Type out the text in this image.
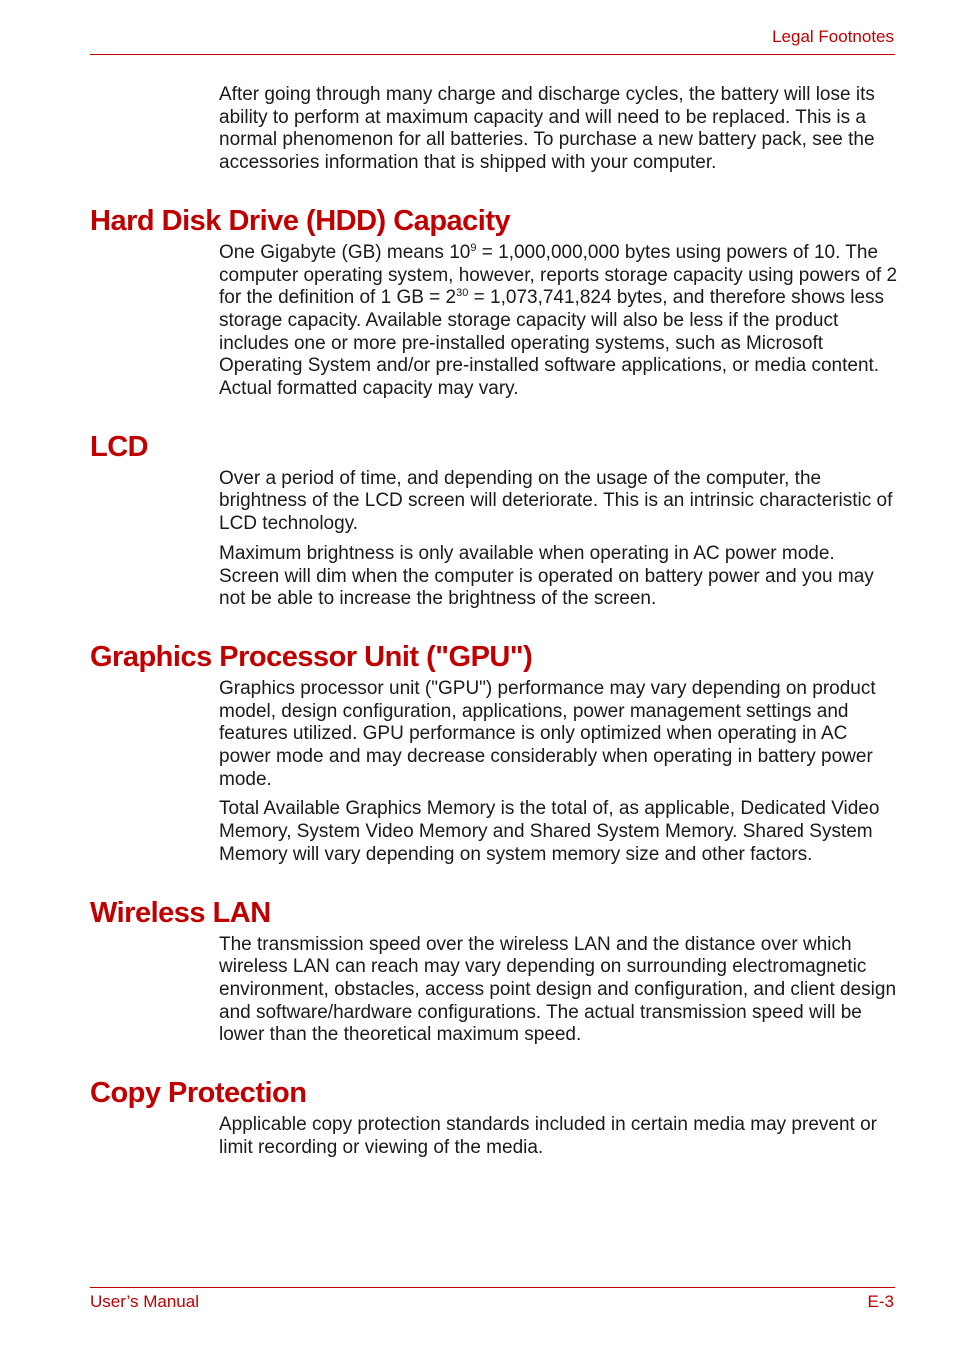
Legal Footnotes

After going through many charge and discharge cycles, the battery will lose its ability to perform at maximum capacity and will need to be replaced. This is a normal phenomenon for all batteries. To purchase a new battery pack, see the accessories information that is shipped with your computer.

Hard Disk Drive (HDD) Capacity

One Gigabyte (GB) means $10^9 = 1,000,000,000$ bytes using powers of 10. The computer operating system, however, reports storage capacity using powers of 2 for the definition of 1 GB = $2^{30} = 1,073,741,824$ bytes, and therefore shows less storage capacity. Available storage capacity will also be less if the product includes one or more pre-installed operating systems, such as Microsoft Operating System and/or pre-installed software applications, or media content. Actual formatted capacity may vary.

LCD

Over a period of time, and depending on the usage of the computer, the brightness of the LCD screen will deteriorate. This is an intrinsic characteristic of LCD technology.

Maximum brightness is only available when operating in AC power mode. Screen will dim when the computer is operated on battery power and you may not be able to increase the brightness of the screen.

Graphics Processor Unit ("GPU")

Graphics processor unit ("GPU") performance may vary depending on product model, design configuration, applications, power management settings and features utilized. GPU performance is only optimized when operating in AC power mode and may decrease considerably when operating in battery power mode.

Total Available Graphics Memory is the total of, as applicable, Dedicated Video Memory, System Video Memory and Shared System Memory. Shared System Memory will vary depending on system memory size and other factors.

Wireless LAN

The transmission speed over the wireless LAN and the distance over which wireless LAN can reach may vary depending on surrounding electromagnetic environment, obstacles, access point design and configuration, and client design and software/hardware configurations. The actual transmission speed will be lower than the theoretical maximum speed.

Copy Protection

Applicable copy protection standards included in certain media may prevent or limit recording or viewing of the media.

User’s Manual	E-3
